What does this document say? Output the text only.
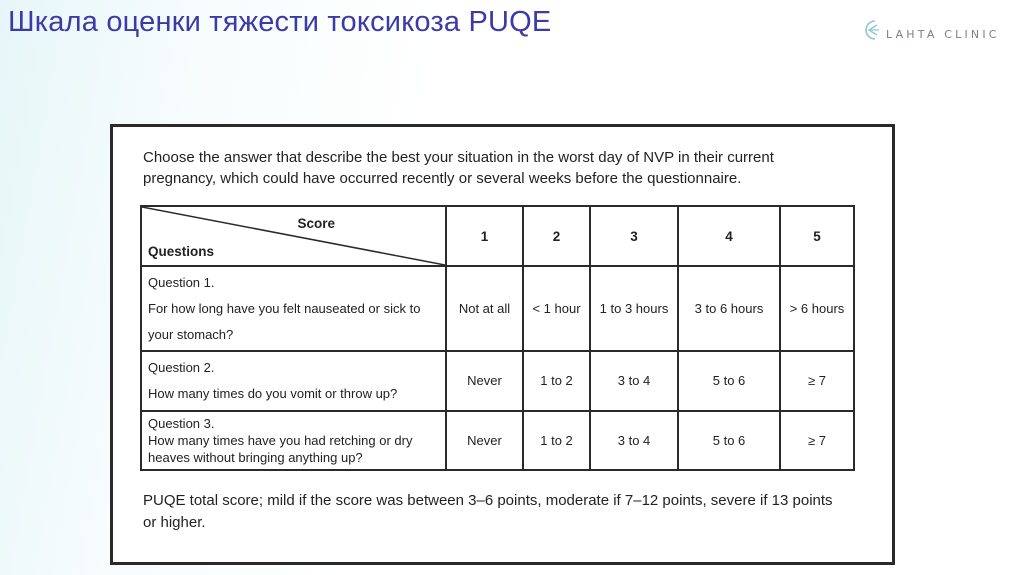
Шкала оценки тяжести токсикоза PUQE	LAHTA CLINIC
Choose the answer that describe the best your situation in the worst day of NVP in their current pregnancy, which could have occurred recently or several weeks before the questionnaire.
Score
Questions	1	2	3	4	5

Question 1.
For how long have you felt nauseated or sick to your stomach?	Not at all	< 1 hour	1 to 3 hours	3 to 6 hours	> 6 hours

Question 2.
How many times do you vomit or throw up?	Never	1 to 2	3 to 4	5 to 6	≥ 7

Question 3.
How many times have you had retching or dry heaves without bringing anything up?	Never	1 to 2	3 to 4	5 to 6	≥ 7
PUQE total score; mild if the score was between 3–6 points, moderate if 7–12 points, severe if 13 points or higher.
